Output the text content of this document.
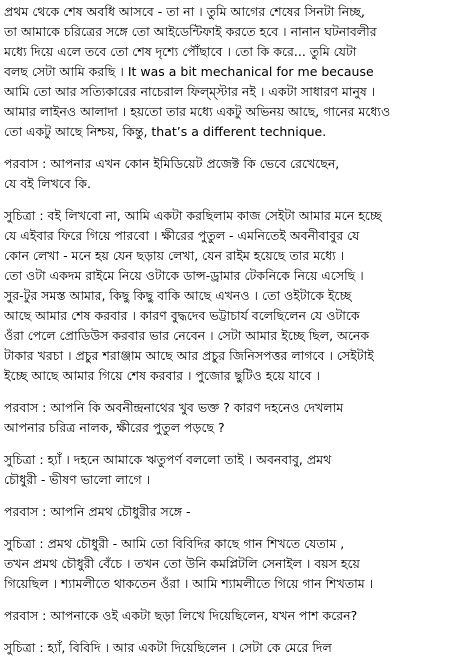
প্রথম থেকে শেষ অবধি আসবে - তা না । তুমি আগের শেষের সিনটা নিচ্ছ,
তা আমাকে চরিত্রের সঙ্গে তো আইডেন্টিফাই করতে হবে । নানান ঘটনাবলীর
মধ্যে দিয়ে এলে তবে তো শেষ দৃশ্যে পৌঁছাবে । তো কি করে... তুমি যেটা
বলছ সেটা আমি করছি । It was a bit mechanical for me because
আমি তো আর সত্যিকারের নাচেরাল ফিল্ম্স্টার নই । একটা সাধারণ মানুষ ।
আমার লাইনও আলাদা । হয়তো তার মধ্যে একটু অভিনয় আছে, গানের মধ্যেও
তো একটু আছে নিশ্চয়, কিন্তু, that’s a different technique.
পরবাস : আপনার এখন কোন ইমিডিয়েট প্রজেক্ট কি ভেবে রেখেছেন,
যে বই লিখবে কি.
সুচিত্রা : বই লিখবো না, আমি একটা করছিলাম কাজ সেইটা আমার মনে হচ্ছে
যে এইবার ফিরে গিয়ে পারবো । ক্ষীরের পুতুল - এমনিতেই অবনীবাবুর যে
কোন লেখা - মনে হয় যেন ছড়ায় লেখা, যেন রাইম হয়েছে তার মধ্যে ।
তো ওটা একদম রাইমে নিয়ে ওটাকে ডান্স-ড্রামার টেকনিকে নিয়ে এসেছি ।
সুর-টুর সমস্ত আমার, কিছু কিছু বাকি আছে এখনও । তো ওইটাকে ইচ্ছে
আছে আমার শেষ করবার । কারণ বুদ্ধদেব ভট্টাচার্য বলেছিলেন যে ওটাকে
ওঁরা পেলে প্রোডিউস করবার ভার নেবেন । সেটা আমার ইচ্ছে ছিল, অনেক
টাকার খরচা । প্রচুর শরাঞ্জাম আছে আর প্রচুর জিনিসপত্তর লাগবে । সেইটাই
ইচ্ছে আছে আমার গিয়ে শেষ করবার । পুজোর ছুটিও হয়ে যাবে ।
পরবাস : আপনি কি অবনীন্দ্রনাথের খুব ভক্ত ? কারণ দহনেও দেখলাম
আপনার চরিত্র নালক, ক্ষীরের পুতুল পড়ছে ?
সুচিত্রা : হ্যাঁ । দহনে আমাকে ঋতুপর্ণ বললো তাই । অবনবাবু, প্রমথ
চৌধুরী - ভীষণ ভালো লাগে ।
পরবাস : আপনি প্রমথ চৌধুরীর সঙ্গে -
সুচিত্রা : প্রমথ চৌধুরী - আমি তো বিবিদির কাছে গান শিখতে যেতাম ,
তখন প্রমথ চৌধুরী বেঁচে । তখন তো উনি কমপ্লিটলি সেনাইল । বয়স হয়ে
গিয়েছিল । শ্যামলীতে থাকতেন ওঁরা । আমি শ্যামলীতে গিয়ে গান শিখতাম ।
পরবাস : আপনাকে ওই একটা ছড়া লিখে দিয়েছিলেন, যখন পাশ করেন?
সুচিত্রা : হ্যাঁ, বিবিদি । আর একটা দিয়েছিলেন । সেটা কে মেরে দিল
